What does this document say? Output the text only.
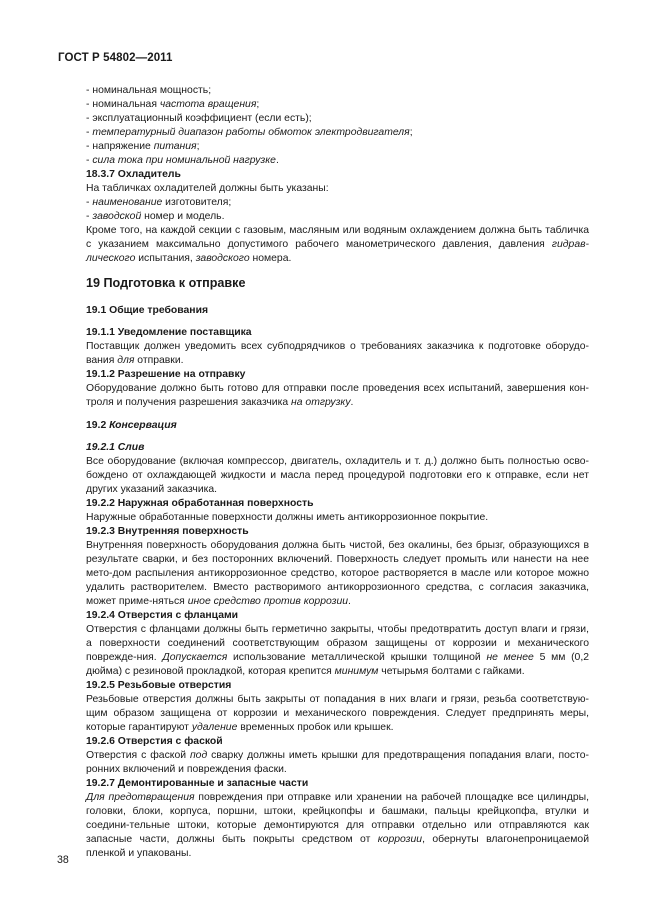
ГОСТ Р 54802—2011

- номинальная мощность;

- номинальная частота вращения;

- эксплуатационный коэффициент (если есть);

- температурный диапазон работы обмоток электродвигателя;

- напряжение питания;

- сила тока при номинальной нагрузке.

18.3.7 Охладитель

На табличках охладителей должны быть указаны:

- наименование изготовителя;

- заводской номер и модель.

Кроме того, на каждой секции с газовым, масляным или водяным охлаждением должна быть табличка с указанием максимально допустимого рабочего манометрического давления, давления гидрав-лического испытания, заводского номера.

19 Подготовка к отправке

19.1 Общие требования

19.1.1 Уведомление поставщика

Поставщик должен уведомить всех субподрядчиков о требованиях заказчика к подготовке оборудо-вания для отправки.

19.1.2 Разрешение на отправку

Оборудование должно быть готово для отправки после проведения всех испытаний, завершения кон-троля и получения разрешения заказчика на отгрузку.

19.2 Консервация

19.2.1 Слив

Все оборудование (включая компрессор, двигатель, охладитель и т. д.) должно быть полностью осво-бождено от охлаждающей жидкости и масла перед процедурой подготовки его к отправке, если нет других указаний заказчика.

19.2.2 Наружная обработанная поверхность

Наружные обработанные поверхности должны иметь антикоррозионное покрытие.

19.2.3 Внутренняя поверхность

Внутренняя поверхность оборудования должна быть чистой, без окалины, без брызг, образующихся в результате сварки, и без посторонних включений. Поверхность следует промыть или нанести на нее мето-дом распыления антикоррозионное средство, которое растворяется в масле или которое можно удалить растворителем. Вместо растворимого антикоррозионного средства, с согласия заказчика, может приме-няться иное средство против коррозии.

19.2.4 Отверстия с фланцами

Отверстия с фланцами должны быть герметично закрыты, чтобы предотвратить доступ влаги и грязи, а поверхности соединений соответствующим образом защищены от коррозии и механического поврежде-ния. Допускается использование металлической крышки толщиной не менее 5 мм (0,2 дюйма) с резиновой прокладкой, которая крепится минимум четырьмя болтами с гайками.

19.2.5 Резьбовые отверстия

Резьбовые отверстия должны быть закрыты от попадания в них влаги и грязи, резьба соответствую-щим образом защищена от коррозии и механического повреждения. Следует предпринять меры, которые гарантируют удаление временных пробок или крышек.

19.2.6 Отверстия с фаской

Отверстия с фаской под сварку должны иметь крышки для предотвращения попадания влаги, посто-ронних включений и повреждения фаски.

19.2.7 Демонтированные и запасные части

Для предотвращения повреждения при отправке или хранении на рабочей площадке все цилиндры, головки, блоки, корпуса, поршни, штоки, крейцкопфы и башмаки, пальцы крейцкопфа, втулки и соедини-тельные штоки, которые демонтируются для отправки отдельно или отправляются как запасные части, должны быть покрыты средством от коррозии, обернуты влагонепроницаемой пленкой и упакованы.

38
